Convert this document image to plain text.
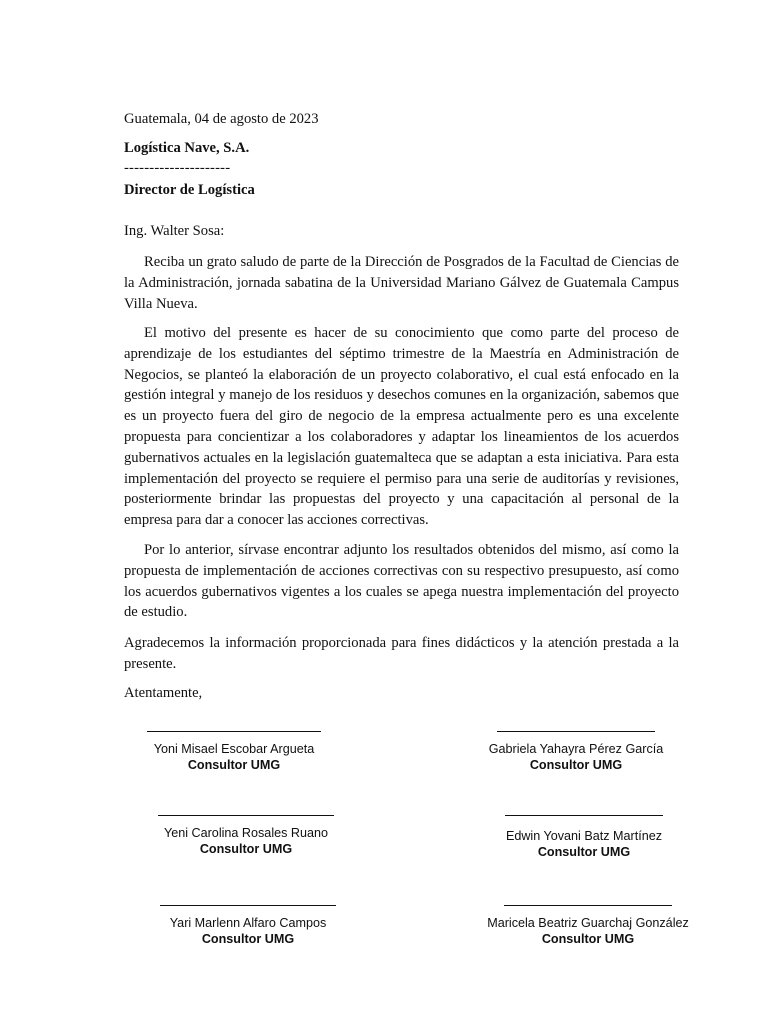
Guatemala, 04 de agosto de 2023
Logística Nave, S.A.
---------------------
Director de Logística
Ing. Walter Sosa:

Reciba un grato saludo de parte de la Dirección de Posgrados de la Facultad de Ciencias de la Administración, jornada sabatina de la Universidad Mariano Gálvez de Guatemala Campus Villa Nueva.

El motivo del presente es hacer de su conocimiento que como parte del proceso de aprendizaje de los estudiantes del séptimo trimestre de la Maestría en Administración de Negocios, se planteó la elaboración de un proyecto colaborativo, el cual está enfocado en la gestión integral y manejo de los residuos y desechos comunes en la organización, sabemos que es un proyecto fuera del giro de negocio de la empresa actualmente pero es una excelente propuesta para concientizar a los colaboradores y adaptar los lineamientos de los acuerdos gubernativos actuales en la legislación guatemalteca que se adaptan a esta iniciativa. Para esta implementación del proyecto se requiere el permiso para una serie de auditorías y revisiones, posteriormente brindar las propuestas del proyecto y una capacitación al personal de la empresa para dar a conocer las acciones correctivas.

Por lo anterior, sírvase encontrar adjunto los resultados obtenidos del mismo, así como la propuesta de implementación de acciones correctivas con su respectivo presupuesto, así como los acuerdos gubernativos vigentes a los cuales se apega nuestra implementación del proyecto de estudio.

Agradecemos la información proporcionada para fines didácticos y la atención prestada a la presente.

Atentamente,
Yoni Misael Escobar Argueta
Consultor UMG
Gabriela Yahayra Pérez García
Consultor UMG
Yeni Carolina Rosales Ruano
Consultor UMG
Edwin Yovani Batz Martínez
Consultor UMG
Yari Marlenn Alfaro Campos
Consultor UMG
Maricela Beatriz Guarchaj González
Consultor UMG
